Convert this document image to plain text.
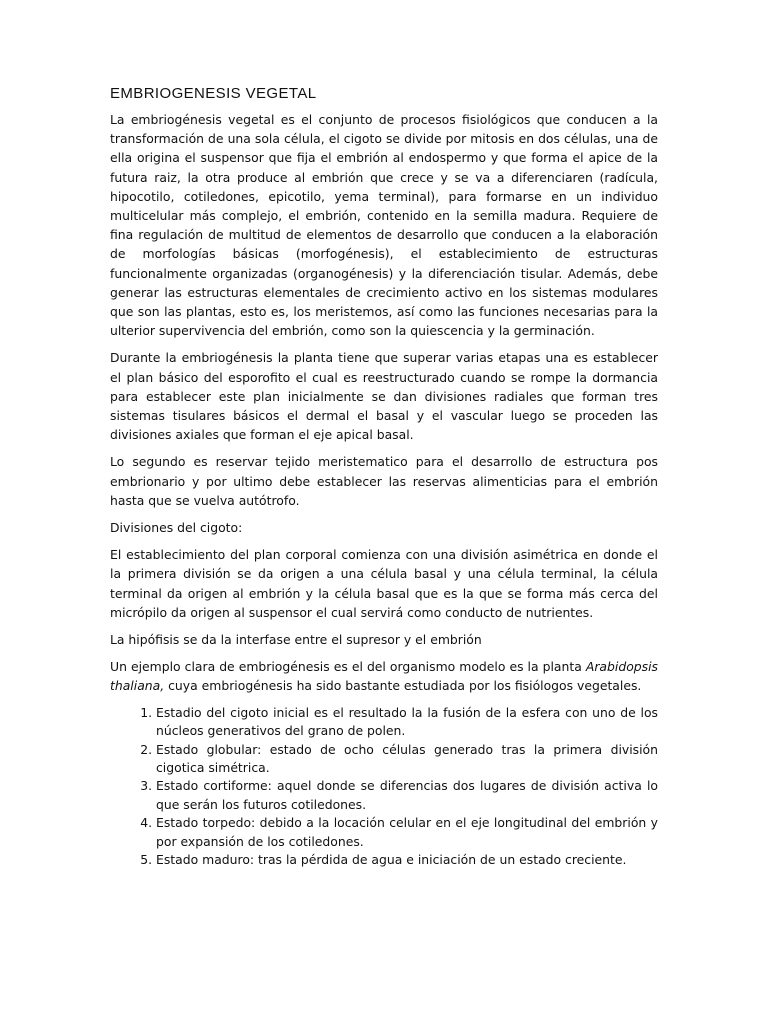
EMBRIOGENESIS VEGETAL

La embriogénesis vegetal es el conjunto de procesos fisiológicos que conducen a la transformación de una sola célula, el cigoto se divide por mitosis en dos células, una de ella origina el suspensor que fija el embrión al endospermo y que forma el apice de la futura raiz, la otra produce al embrión que crece y se va a diferenciaren (radícula, hipocotilo, cotiledones, epicotilo, yema terminal), para formarse en un individuo multicelular más complejo, el embrión, contenido en la semilla madura. Requiere de fina regulación de multitud de elementos de desarrollo que conducen a la elaboración de morfologías básicas (morfogénesis), el establecimiento de estructuras funcionalmente organizadas (organogénesis) y la diferenciación tisular. Además, debe generar las estructuras elementales de crecimiento activo en los sistemas modulares que son las plantas, esto es, los meristemos, así como las funciones necesarias para la ulterior supervivencia del embrión, como son la quiescencia y la germinación.

Durante la embriogénesis la planta tiene que superar varias etapas una es establecer el plan básico del esporofito el cual es reestructurado cuando se rompe la dormancia para establecer este plan inicialmente se dan divisiones radiales que forman tres sistemas tisulares básicos el dermal el basal y el vascular luego se proceden las divisiones axiales que forman el eje apical basal.

Lo segundo es reservar tejido meristematico para el desarrollo de estructura pos embrionario y por ultimo debe establecer las reservas alimenticias para el embrión hasta que se vuelva autótrofo.

Divisiones del cigoto:

El establecimiento del plan corporal comienza con una división asimétrica en donde el la primera división se da origen a una célula basal y una célula terminal, la célula terminal da origen al embrión y la célula basal que es la que se forma más cerca del micrópilo da origen al suspensor el cual servirá como conducto de nutrientes.

La hipófisis se da la interfase entre el supresor y el embrión

Un ejemplo clara de embriogénesis es el del organismo modelo es la planta Arabidopsis thaliana, cuya embriogénesis ha sido bastante estudiada por los fisiólogos vegetales.

1. Estadio del cigoto inicial es el resultado la la fusión de la esfera con uno de los núcleos generativos del grano de polen.
2. Estado globular: estado de ocho células generado tras la primera división cigotica simétrica.
3. Estado cortiforme: aquel donde se diferencias dos lugares de división activa lo que serán los futuros cotiledones.
4. Estado torpedo: debido a la locación celular en el eje longitudinal del embrión y por expansión de los cotiledones.
5. Estado maduro: tras la pérdida de agua e iniciación de un estado creciente.
